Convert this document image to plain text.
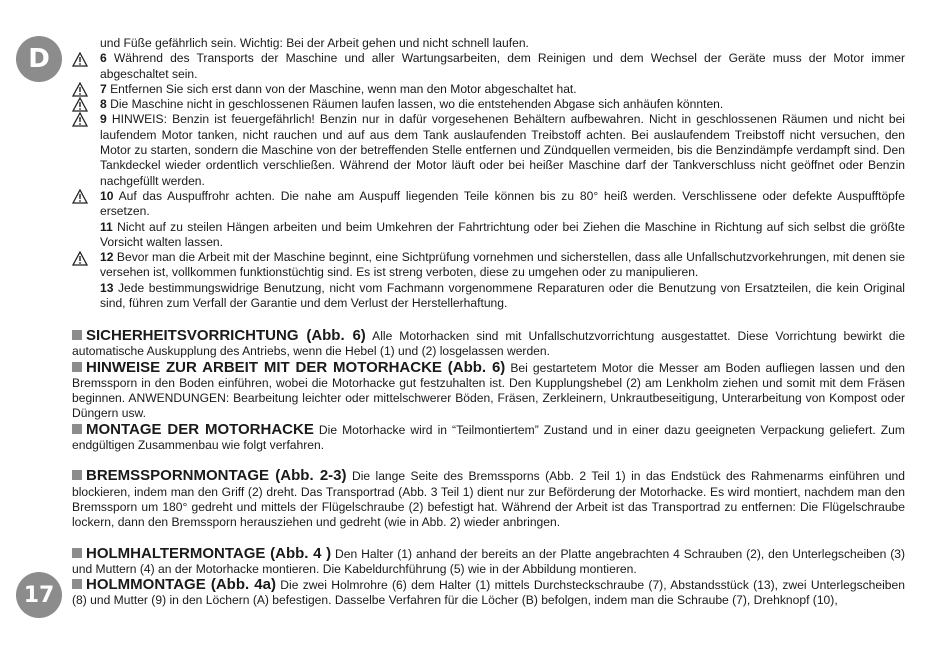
D
17

und Füße gefährlich sein. Wichtig: Bei der Arbeit gehen und nicht schnell laufen.

6 Während des Transports der Maschine und aller Wartungsarbeiten, dem Reinigen und dem Wechsel der Geräte muss der Motor immer abgeschaltet sein.

7 Entfernen Sie sich erst dann von der Maschine, wenn man den Motor abgeschaltet hat.

8 Die Maschine nicht in geschlossenen Räumen laufen lassen, wo die entstehenden Abgase sich anhäufen könnten.

9 HINWEIS: Benzin ist feuergefährlich! Benzin nur in dafür vorgesehenen Behältern aufbewahren. Nicht in geschlossenen Räumen und nicht bei laufendem Motor tanken, nicht rauchen und auf aus dem Tank auslaufenden Treibstoff achten. Bei auslaufendem Treibstoff nicht versuchen, den Motor zu starten, sondern die Maschine von der betreffenden Stelle entfernen und Zündquellen vermeiden, bis die Benzindämpfe verdampft sind. Den Tankdeckel wieder ordentlich verschließen. Während der Motor läuft oder bei heißer Maschine darf der Tankverschluss nicht geöffnet oder Benzin nachgefüllt werden.

10 Auf das Auspuffrohr achten. Die nahe am Auspuff liegenden Teile können bis zu 80° heiß werden. Verschlissene oder defekte Auspufftöpfe ersetzen.

11 Nicht auf zu steilen Hängen arbeiten und beim Umkehren der Fahrtrichtung oder bei Ziehen die Maschine in Richtung auf sich selbst die größte Vorsicht walten lassen.

12 Bevor man die Arbeit mit der Maschine beginnt, eine Sichtprüfung vornehmen und sicherstellen, dass alle Unfallschutzvorkehrungen, mit denen sie versehen ist, vollkommen funktionstüchtig sind. Es ist streng verboten, diese zu umgehen oder zu manipulieren.

13 Jede bestimmungswidrige Benutzung, nicht vom Fachmann vorgenommene Reparaturen oder die Benutzung von Ersatzteilen, die kein Original sind, führen zum Verfall der Garantie und dem Verlust der Herstellerhaftung.

SICHERHEITSVORRICHTUNG (Abb. 6) Alle Motorhacken sind mit Unfallschutzvorrichtung ausgestattet. Diese Vorrichtung bewirkt die automatische Auskupplung des Antriebs, wenn die Hebel (1) und (2) losgelassen werden.

HINWEISE ZUR ARBEIT MIT DER MOTORHACKE (Abb. 6) Bei gestartetem Motor die Messer am Boden aufliegen lassen und den Bremssporn in den Boden einführen, wobei die Motorhacke gut festzuhalten ist. Den Kupplungshebel (2) am Lenkholm ziehen und somit mit dem Fräsen beginnen. ANWENDUNGEN: Bearbeitung leichter oder mittelschwerer Böden, Fräsen, Zerkleinern, Unkrautbeseitigung, Unterarbeitung von Kompost oder Düngern usw.

MONTAGE DER MOTORHACKE Die Motorhacke wird in “Teilmontiertem” Zustand und in einer dazu geeigneten Verpackung geliefert. Zum endgültigen Zusammenbau wie folgt verfahren.

BREMSSPORNMONTAGE (Abb. 2-3) Die lange Seite des Bremssporns (Abb. 2 Teil 1) in das Endstück des Rahmenarms einführen und blockieren, indem man den Griff (2) dreht. Das Transportrad (Abb. 3 Teil 1) dient nur zur Beförderung der Motorhacke. Es wird montiert, nachdem man den Bremssporn um 180° gedreht und mittels der Flügelschraube (2) befestigt hat. Während der Arbeit ist das Transportrad zu entfernen: Die Flügelschraube lockern, dann den Bremssporn herausziehen und gedreht (wie in Abb. 2) wieder anbringen.

HOLMHALTERMONTAGE (Abb. 4 ) Den Halter (1) anhand der bereits an der Platte angebrachten 4 Schrauben (2), den Unterlegscheiben (3) und Muttern (4) an der Motorhacke montieren. Die Kabeldurchführung (5) wie in der Abbildung montieren.

HOLMMONTAGE (Abb. 4a) Die zwei Holmrohre (6) dem Halter (1) mittels Durchsteckschraube (7), Abstandsstück (13), zwei Unterlegscheiben (8) und Mutter (9) in den Löchern (A) befestigen. Dasselbe Verfahren für die Löcher (B) befolgen, indem man die Schraube (7), Drehknopf (10),
